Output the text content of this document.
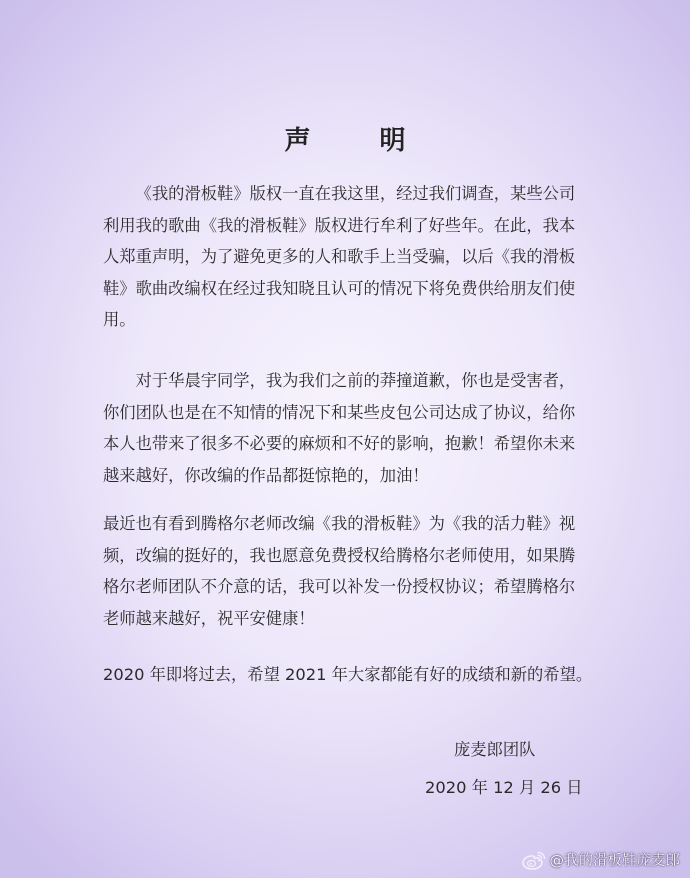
声 明
《我的滑板鞋》版权一直在我这里，经过我们调查，某些公司
利用我的歌曲《我的滑板鞋》版权进行牟利了好些年。在此，我本
人郑重声明，为了避免更多的人和歌手上当受骗，以后《我的滑板
鞋》歌曲改编权在经过我知晓且认可的情况下将免费供给朋友们使
用。
对于华晨宇同学，我为我们之前的莽撞道歉，你也是受害者，
你们团队也是在不知情的情况下和某些皮包公司达成了协议，给你
本人也带来了很多不必要的麻烦和不好的影响，抱歉！希望你未来
越来越好，你改编的作品都挺惊艳的，加油！
最近也有看到腾格尔老师改编《我的滑板鞋》为《我的活力鞋》视
频，改编的挺好的，我也愿意免费授权给腾格尔老师使用，如果腾
格尔老师团队不介意的话，我可以补发一份授权协议；希望腾格尔
老师越来越好，祝平安健康！
2020 年即将过去，希望 2021 年大家都能有好的成绩和新的希望。
庞麦郎团队
2020 年 12 月 26 日
@我的滑板鞋庞麦郎
